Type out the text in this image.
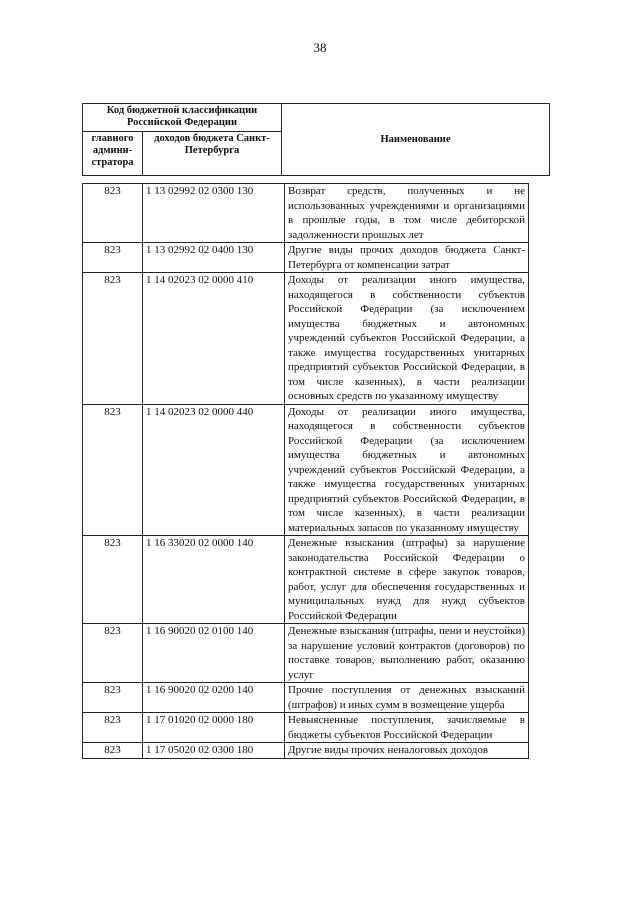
38
Код бюджетной классификации Российской Федерации		Наименование
главного админи-стратора	доходов бюджета Санкт-Петербурга	
823	1 13 02992 02 0300 130	Возврат средств, полученных и не использованных учреждениями и организациями в прошлые годы, в том числе дебиторской задолженности прошлых лет
823	1 13 02992 02 0400 130	Другие виды прочих доходов бюджета Санкт-Петербурга от компенсации затрат
823	1 14 02023 02 0000 410	Доходы от реализации иного имущества, находящегося в собственности субъектов Российской Федерации (за исключением имущества бюджетных и автономных учреждений субъектов Российской Федерации, а также имущества государственных унитарных предприятий субъектов Российской Федерации, в том числе казенных), в части реализации основных средств по указанному имуществу
823	1 14 02023 02 0000 440	Доходы от реализации иного имущества, находящегося в собственности субъектов Российской Федерации (за исключением имущества бюджетных и автономных учреждений субъектов Российской Федерации, а также имущества государственных унитарных предприятий субъектов Российской Федерации, в том числе казенных), в части реализации материальных запасов по указанному имуществу
823	1 16 33020 02 0000 140	Денежные взыскания (штрафы) за нарушение законодательства Российской Федерации о контрактной системе в сфере закупок товаров, работ, услуг для обеспечения государственных и муниципальных нужд для нужд субъектов Российской Федерации
823	1 16 90020 02 0100 140	Денежные взыскания (штрафы, пени и неустойки) за нарушение условий контрактов (договоров) по поставке товаров, выполнению работ, оказанию услуг
823	1 16 90020 02 0200 140	Прочие поступления от денежных взысканий (штрафов) и иных сумм в возмещение ущерба
823	1 17 01020 02 0000 180	Невыясненные поступления, зачисляемые в бюджеты субъектов Российской Федерации
823	1 17 05020 02 0300 180	Другие виды прочих неналоговых доходов
